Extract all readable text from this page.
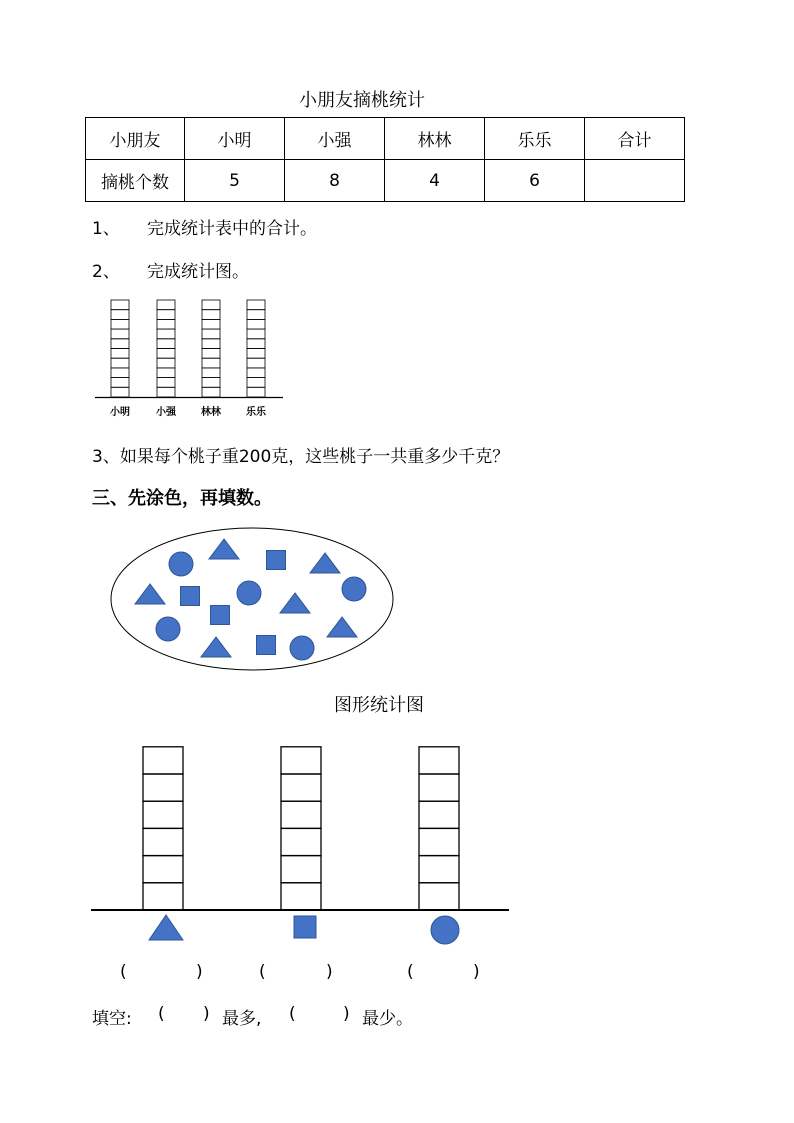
小朋友摘桃统计
小朋友	小明	小强	林林	乐乐	合计
摘桃个数	5	8	4	6	
1、 完成统计表中的合计。
2、 完成统计图。
小明	小强	林林	乐乐
3、如果每个桃子重200克，这些桃子一共重多少千克？
三、先涂色，再填数。
图形统计图
(	)	(	)	(	)
填空: ( ) 最多, (	) 最少。
